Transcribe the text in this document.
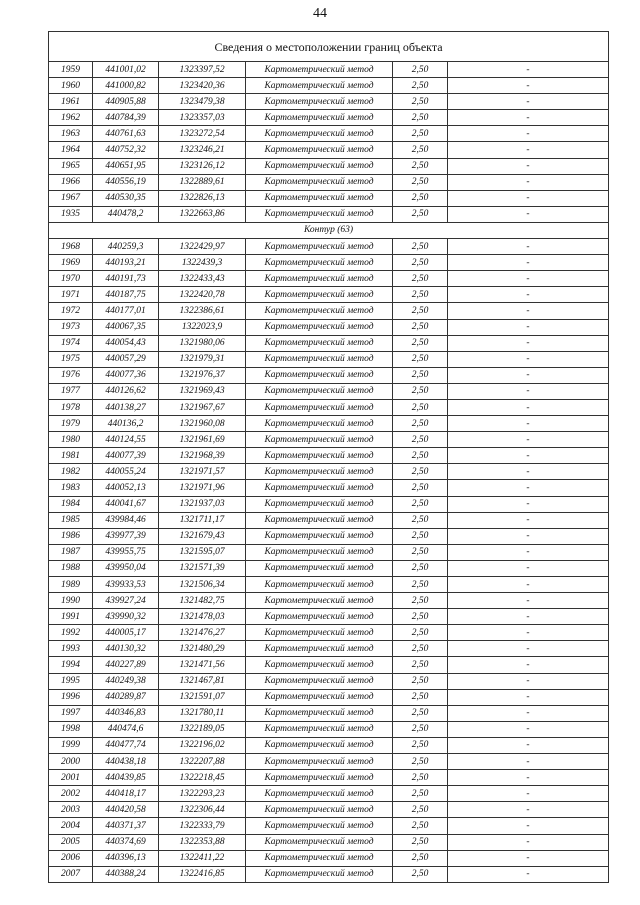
44
Сведения о местоположении границ объекта					
1959	441001,02	1323397,52	Картометрический метод	2,50	-
1960	441000,82	1323420,36	Картометрический метод	2,50	-
1961	440905,88	1323479,38	Картометрический метод	2,50	-
1962	440784,39	1323357,03	Картометрический метод	2,50	-
1963	440761,63	1323272,54	Картометрический метод	2,50	-
1964	440752,32	1323246,21	Картометрический метод	2,50	-
1965	440651,95	1323126,12	Картометрический метод	2,50	-
1966	440556,19	1322889,61	Картометрический метод	2,50	-
1967	440530,35	1322826,13	Картометрический метод	2,50	-
1935	440478,2	1322663,86	Картометрический метод	2,50	-
Контур (63)					
1968	440259,3	1322429,97	Картометрический метод	2,50	-
1969	440193,21	1322439,3	Картометрический метод	2,50	-
1970	440191,73	1322433,43	Картометрический метод	2,50	-
1971	440187,75	1322420,78	Картометрический метод	2,50	-
1972	440177,01	1322386,61	Картометрический метод	2,50	-
1973	440067,35	1322023,9	Картометрический метод	2,50	-
1974	440054,43	1321980,06	Картометрический метод	2,50	-
1975	440057,29	1321979,31	Картометрический метод	2,50	-
1976	440077,36	1321976,37	Картометрический метод	2,50	-
1977	440126,62	1321969,43	Картометрический метод	2,50	-
1978	440138,27	1321967,67	Картометрический метод	2,50	-
1979	440136,2	1321960,08	Картометрический метод	2,50	-
1980	440124,55	1321961,69	Картометрический метод	2,50	-
1981	440077,39	1321968,39	Картометрический метод	2,50	-
1982	440055,24	1321971,57	Картометрический метод	2,50	-
1983	440052,13	1321971,96	Картометрический метод	2,50	-
1984	440041,67	1321937,03	Картометрический метод	2,50	-
1985	439984,46	1321711,17	Картометрический метод	2,50	-
1986	439977,39	1321679,43	Картометрический метод	2,50	-
1987	439955,75	1321595,07	Картометрический метод	2,50	-
1988	439950,04	1321571,39	Картометрический метод	2,50	-
1989	439933,53	1321506,34	Картометрический метод	2,50	-
1990	439927,24	1321482,75	Картометрический метод	2,50	-
1991	439990,32	1321478,03	Картометрический метод	2,50	-
1992	440005,17	1321476,27	Картометрический метод	2,50	-
1993	440130,32	1321480,29	Картометрический метод	2,50	-
1994	440227,89	1321471,56	Картометрический метод	2,50	-
1995	440249,38	1321467,81	Картометрический метод	2,50	-
1996	440289,87	1321591,07	Картометрический метод	2,50	-
1997	440346,83	1321780,11	Картометрический метод	2,50	-
1998	440474,6	1322189,05	Картометрический метод	2,50	-
1999	440477,74	1322196,02	Картометрический метод	2,50	-
2000	440438,18	1322207,88	Картометрический метод	2,50	-
2001	440439,85	1322218,45	Картометрический метод	2,50	-
2002	440418,17	1322293,23	Картометрический метод	2,50	-
2003	440420,58	1322306,44	Картометрический метод	2,50	-
2004	440371,37	1322333,79	Картометрический метод	2,50	-
2005	440374,69	1322353,88	Картометрический метод	2,50	-
2006	440396,13	1322411,22	Картометрический метод	2,50	-
2007	440388,24	1322416,85	Картометрический метод	2,50	-
